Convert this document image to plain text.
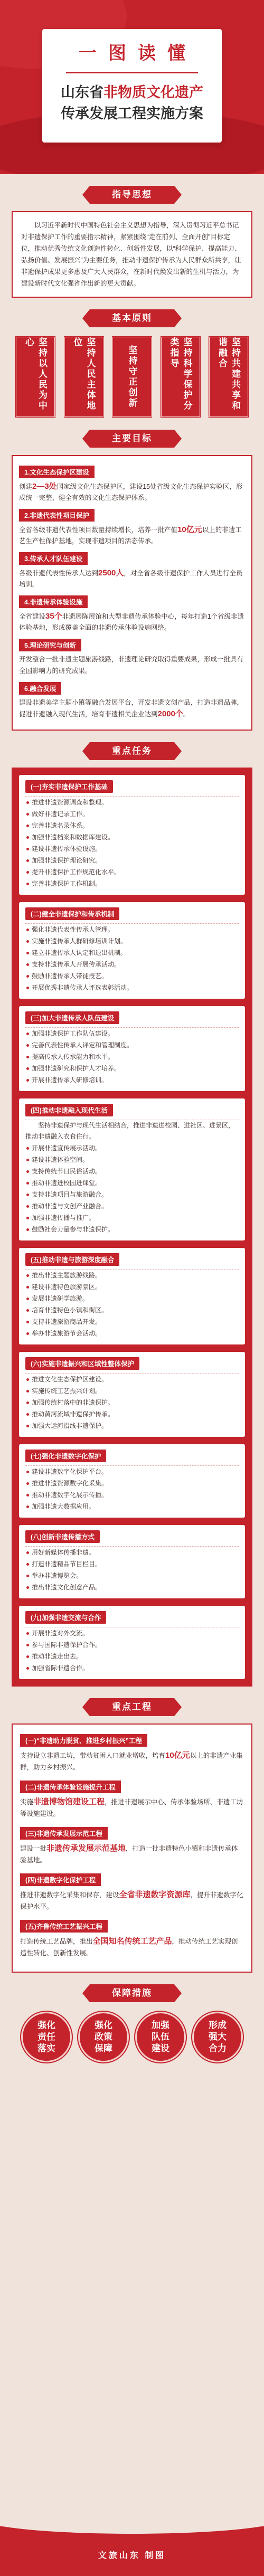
一图读懂
山东省非物质文化遗产
传承发展工程实施方案
指导思想
以习近平新时代中国特色社会主义思想为指导，深入贯彻习近平总书记对非遗保护工作的重要指示精神，紧紧围绕“走在前列、全面开创”目标定位，推动优秀传统文化创造性转化、创新性发展，以“科学保护、提高能力、弘扬价值、发展振兴”为主要任务，推动非遗保护传承为人民群众所共享，让非遗保护成果更多惠及广大人民群众，在新时代焕发出新的生机与活力，为建设新时代文化强省作出新的更大贡献。
基本原则
坚持以人民为中心	坚持人民主体地位
坚持守正创新	坚持科学保护分类指导	坚持共建共享和谐融合
主要目标
1.文化生态保护区建设
创建2—3处国家级文化生态保护区，建设15处省级文化生态保护实验区，形成统一完整、健全有效的文化生态保护体系。
2.非遗代表性项目保护
全省各级非遗代表性项目数量持续增长，培养一批产值10亿元以上的非遗工艺生产性保护基地，实现非遗项目的活态传承。
3.传承人才队伍建设
各级非遗代表性传承人达到2500人，对全省各级非遗保护工作人员进行全员培训。
4.非遗传承体验设施
全省建设35个非遗展陈展馆和大型非遗传承体验中心，每年打造1个省级非遗体验基地，形成覆盖全面的非遗传承体验设施网络。
5.理论研究与创新
开发整合一批非遗主题旅游线路，非遗理论研究取得重要成果，形成一批具有全国影响力的研究成果。
6.融合发展
建设非遗美学主题小镇等融合发展平台，开发非遗文创产品，打造非遗品牌，促进非遗融入现代生活，培育非遗相关企业达到2000个。
重点任务
(一)夯实非遗保护工作基础
推进非遗资源调查和整理。
做好非遗记录工作。
完善非遗名录体系。
加强非遗档案和数据库建设。
建设非遗传承体验设施。
加强非遗保护理论研究。
提升非遗保护工作规范化水平。
完善非遗保护工作机制。
(二)健全非遗保护和传承机制
强化非遗代表性传承人管理。
实施非遗传承人群研修培训计划。
建立非遗传承人认定和退出机制。
支持非遗传承人开展传承活动。
鼓励非遗传承人带徒授艺。
开展优秀非遗传承人评选表彰活动。
(三)加大非遗传承人队伍建设
加强非遗保护工作队伍建设。
完善代表性传承人评定和管理制度。
提高传承人传承能力和水平。
加强非遗研究和保护人才培养。
开展非遗传承人研修培训。
(四)推动非遗融入现代生活
坚持非遗保护与现代生活相结合，推进非遗进校园、进社区、进景区，推动非遗融入衣食住行。
开展非遗宣传展示活动。
建设非遗体验空间。
支持传统节日民俗活动。
推动非遗进校园进课堂。
支持非遗项目与旅游融合。
推动非遗与文创产业融合。
加强非遗传播与推广。
鼓励社会力量参与非遗保护。
(五)推动非遗与旅游深度融合
推出非遗主题旅游线路。
建设非遗特色旅游景区。
发展非遗研学旅游。
培育非遗特色小镇和街区。
支持非遗旅游商品开发。
举办非遗旅游节会活动。
(六)实施非遗振兴和区域性整体保护
推进文化生态保护区建设。
实施传统工艺振兴计划。
加强传统村落中的非遗保护。
推动黄河流域非遗保护传承。
加强大运河沿线非遗保护。
(七)强化非遗数字化保护
建设非遗数字化保护平台。
推进非遗资源数字化采集。
推动非遗数字化展示传播。
加强非遗大数据应用。
(八)创新非遗传播方式
用好新媒体传播非遗。
打造非遗精品节目栏目。
举办非遗博览会。
推出非遗文化创意产品。
(九)加强非遗交流与合作
开展非遗对外交流。
参与国际非遗保护合作。
推动非遗走出去。
加强省际非遗合作。
重点工程
(一)“非遗助力脱贫、推进乡村振兴”工程
支持设立非遗工坊，带动贫困人口就业增收，培育10亿元以上的非遗产业集群，助力乡村振兴。
(二)非遗传承体验设施提升工程
实施非遗博物馆建设工程，推进非遗展示中心、传承体验场所、非遗工坊等设施建设。
(三)非遗传承发展示范工程
建设一批非遗传承发展示范基地，打造一批非遗特色小镇和非遗传承体验基地。
(四)非遗数字化保护工程
推进非遗数字化采集和保存，建设全省非遗数字资源库，提升非遗数字化保护水平。
(五)齐鲁传统工艺振兴工程
打造传统工艺品牌，推出全国知名传统工艺产品，推动传统工艺实现创造性转化、创新性发展。
保障措施
强化责任落实
强化政策保障
加强队伍建设
形成强大合力
文旅山东 制图
